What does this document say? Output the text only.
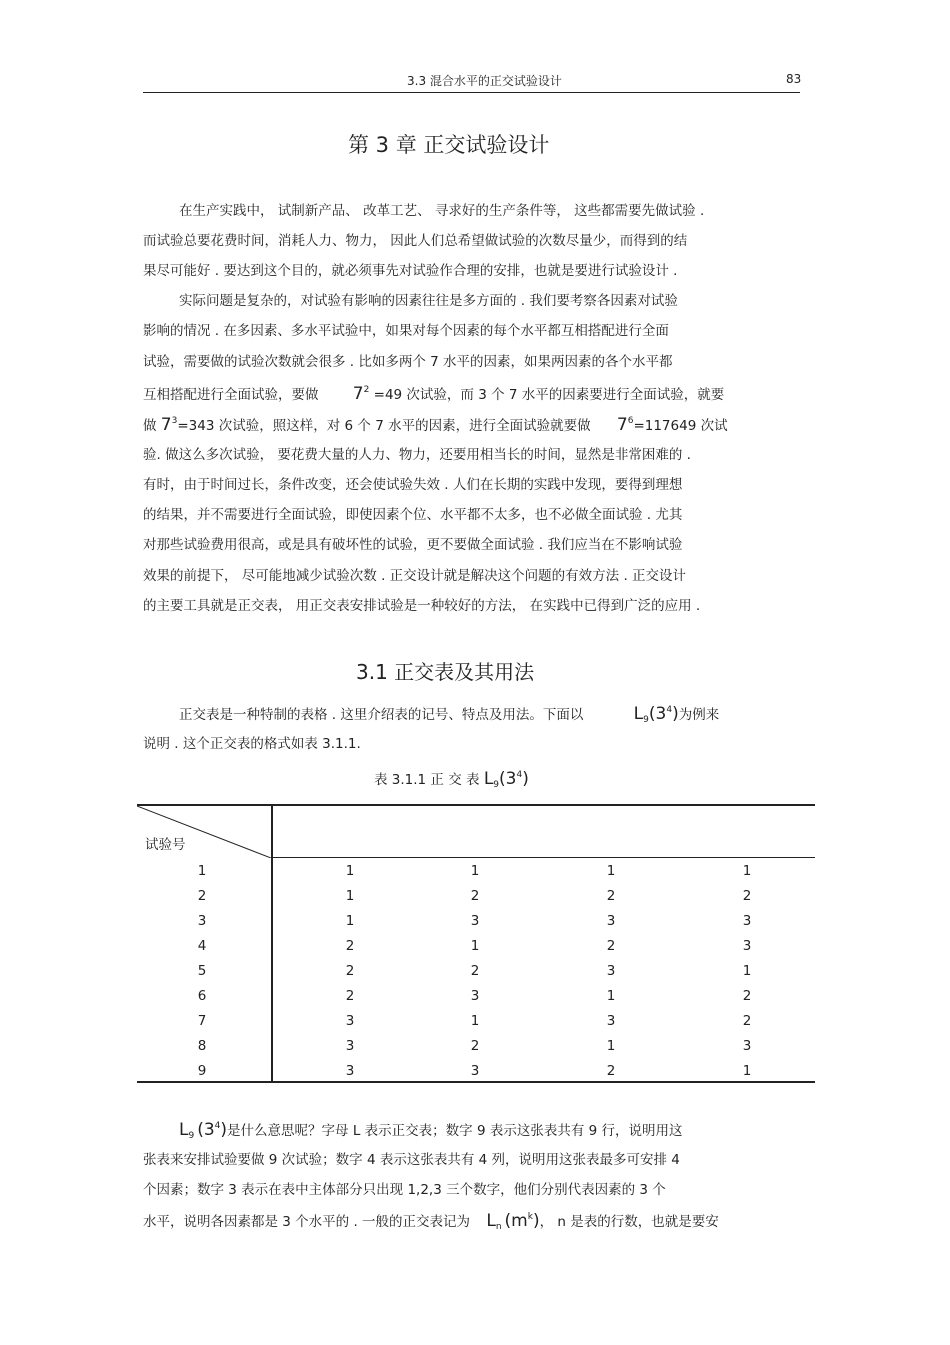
3.3 混合水平的正交试验设计	83
第 3 章 正交试验设计
在生产实践中， 试制新产品、 改革工艺、 寻求好的生产条件等， 这些都需要先做试验 .
而试验总要花费时间，消耗人力、物力， 因此人们总希望做试验的次数尽量少，而得到的结
果尽可能好 . 要达到这个目的，就必须事先对试验作合理的安排，也就是要进行试验设计 .
实际问题是复杂的，对试验有影响的因素往往是多方面的 . 我们要考察各因素对试验
影响的情况 . 在多因素、多水平试验中，如果对每个因素的每个水平都互相搭配进行全面
试验，需要做的试验次数就会很多 . 比如多两个 7 水平的因素，如果两因素的各个水平都
互相搭配进行全面试验，要做 $7^2 =49$ 次试验，而 3 个 7 水平的因素要进行全面试验，就要
做 $7^3=343$ 次试验，照这样，对 6 个 7 水平的因素，进行全面试验就要做 $7^6=117649$ 次试
验. 做这么多次试验， 要花费大量的人力、物力，还要用相当长的时间，显然是非常困难的 .
有时，由于时间过长，条件改变，还会使试验失效 . 人们在长期的实践中发现，要得到理想
的结果，并不需要进行全面试验，即使因素个位、水平都不太多，也不必做全面试验 . 尤其
对那些试验费用很高，或是具有破坏性的试验，更不要做全面试验 . 我们应当在不影响试验
效果的前提下， 尽可能地减少试验次数 . 正交设计就是解决这个问题的有效方法 . 正交设计
的主要工具就是正交表， 用正交表安排试验是一种较好的方法， 在实践中已得到广泛的应用 .
3.1 正交表及其用法
正交表是一种特制的表格 . 这里介绍表的记号、特点及用法。下面以	$L_9(3^4)$为例来
说明 . 这个正交表的格式如表 3.1.1.
表 3.1.1 正 交 表 $L_9(3^4)$
试验号
1	1	1	1	1
2	1	2	2	2
3	1	3	3	3
4	2	1	2	3
5	2	2	3	1
6	2	3	1	2
7	3	1	3	2
8	3	2	1	3
9	3	3	2	1
$L_9$ $(3^4)$是什么意思呢？字母 L 表示正交表；数字 9 表示这张表共有 9 行，说明用这
张表来安排试验要做 9 次试验；数字 4 表示这张表共有 4 列，说明用这张表最多可安排 4
个因素；数字 3 表示在表中主体部分只出现 1,2,3 三个数字，他们分别代表因素的 3 个
水平，说明各因素都是 3 个水平的 . 一般的正交表记为 $L_n$ $(m^k)$， n 是表的行数，也就是要安
